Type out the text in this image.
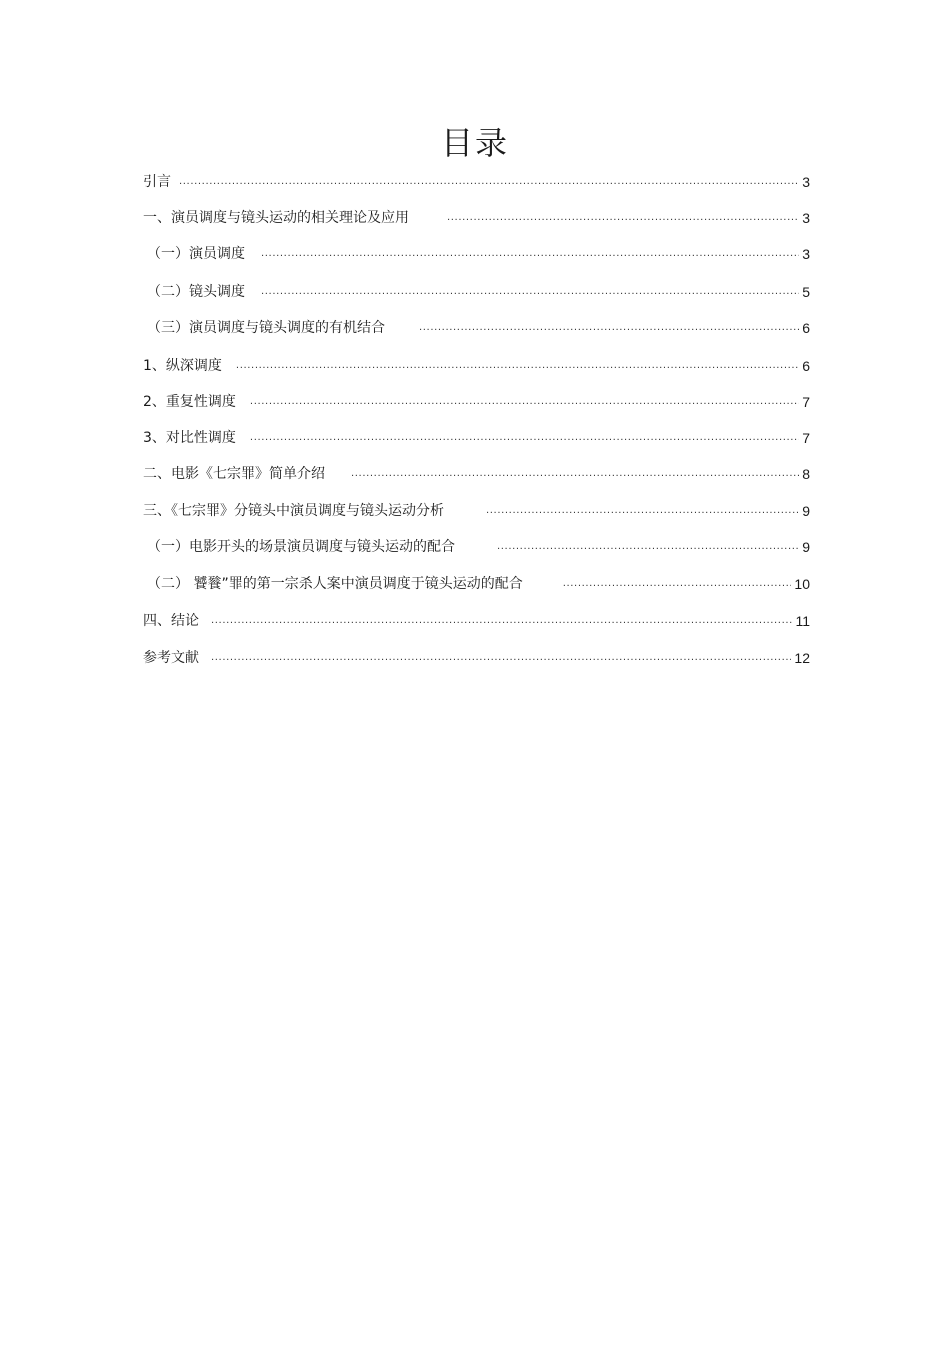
目录
引言 .....	3
一、演员调度与镜头运动的相关理论及应用 .....	3
（一）演员调度 .....	3
（二）镜头调度 .....	5
（三）演员调度与镜头调度的有机结合 .....	6
1、纵深调度 .....	6
2、重复性调度 .....	7
3、对比性调度 .....	7
二、电影《七宗罪》简单介绍 .....	8
三、《七宗罪》分镜头中演员调度与镜头运动分析 .....	9
（一）电影开头的场景演员调度与镜头运动的配合 .....	9
（二） 饕餮”罪的第一宗杀人案中演员调度于镜头运动的配合 .....	10
四、结论 .....	11
参考文献 .....	12
